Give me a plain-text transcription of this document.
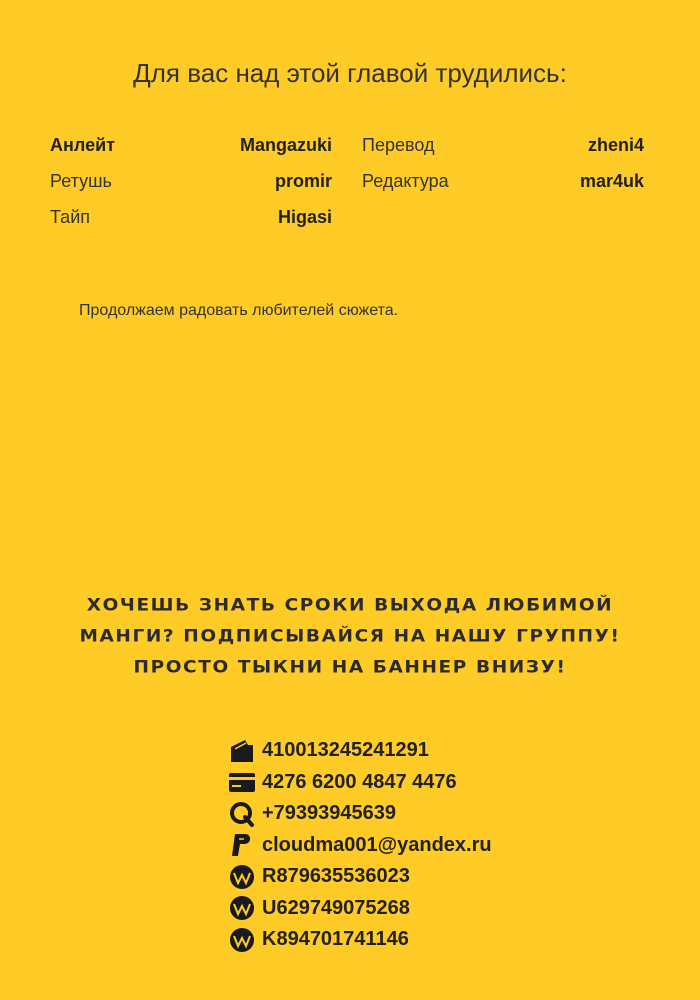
Для вас над этой главой трудились:
Анлейт	Mangazuki Перевод	zheni4
Ретушь	promir Редактура	mar4uk
Тайп	Higasi
Продолжаем радовать любителей сюжета.
ХОЧЕШЬ ЗНАТЬ СРОКИ ВЫХОДА ЛЮБИМОЙ
МАНГИ? ПОДПИСЫВАЙСЯ НА НАШУ ГРУППУ!
ПРОСТО ТЫКНИ НА БАННЕР ВНИЗУ!
410013245241291
4276 6200 4847 4476
+79393945639
cloudma001@yandex.ru
R879635536023
U629749075268
K894701741146
